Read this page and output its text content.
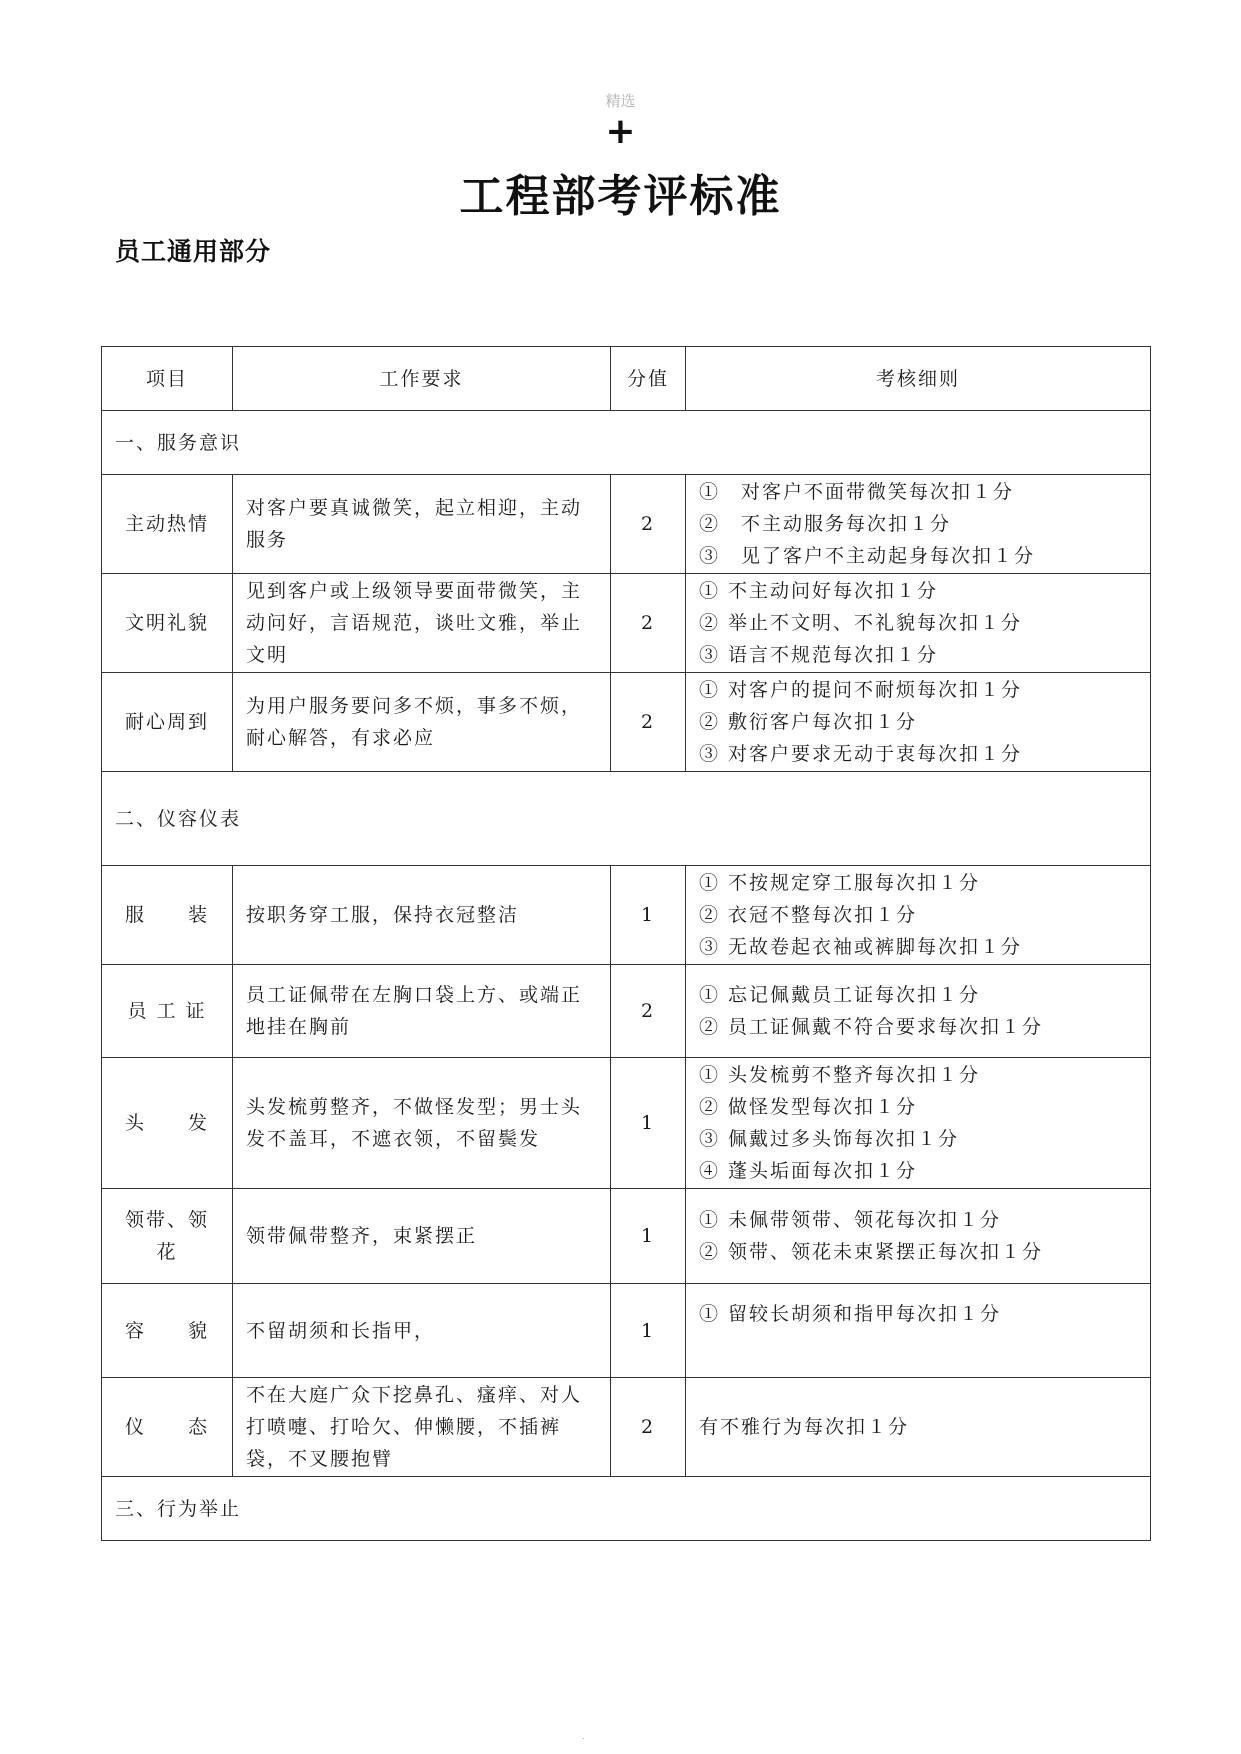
精选
+
工程部考评标准
员工通用部分
项目	工作要求	分值	考核细则
一、服务意识			
主动热情	对客户要真诚微笑，起立相迎，主动服务	2	①　对客户不面带微笑每次扣１分
②　不主动服务每次扣１分
③　见了客户不主动起身每次扣１分

文明礼貌	见到客户或上级领导要面带微笑，主动问好，言语规范，谈吐文雅，举止文明	2	① 不主动问好每次扣１分
② 举止不文明、不礼貌每次扣１分
③ 语言不规范每次扣１分

耐心周到	为用户服务要问多不烦，事多不烦，耐心解答，有求必应	2	① 对客户的提问不耐烦每次扣１分
② 敷衍客户每次扣１分
③ 对客户要求无动于衷每次扣１分

二、仪容仪表			
服　　装	按职务穿工服，保持衣冠整洁	1	① 不按规定穿工服每次扣１分
② 衣冠不整每次扣１分
③ 无故卷起衣袖或裤脚每次扣１分

员 工 证	员工证佩带在左胸口袋上方、或端正地挂在胸前	2	① 忘记佩戴员工证每次扣１分
② 员工证佩戴不符合要求每次扣１分

头　　发	头发梳剪整齐，不做怪发型；男士头发不盖耳，不遮衣领，不留鬓发	1	① 头发梳剪不整齐每次扣１分
② 做怪发型每次扣１分
③ 佩戴过多头饰每次扣１分
④ 蓬头垢面每次扣１分

领带、领花	领带佩带整齐，束紧摆正	1	① 未佩带领带、领花每次扣１分
② 领带、领花未束紧摆正每次扣１分

容　　貌	不留胡须和长指甲，	1	① 留较长胡须和指甲每次扣１分

仪　　态	不在大庭广众下挖鼻孔、瘙痒、对人打喷嚏、打哈欠、伸懒腰，不插裤袋，不叉腰抱臂	2	有不雅行为每次扣１分

三、行为举止			
.
